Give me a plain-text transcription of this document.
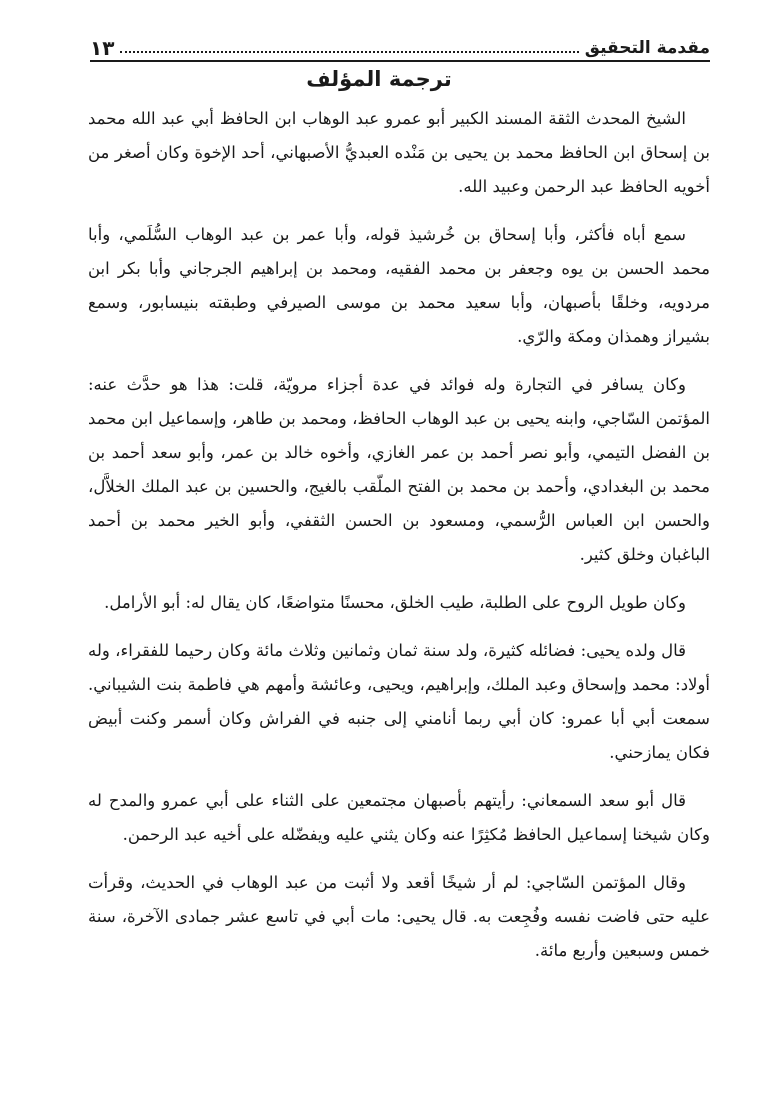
مقدمة التحقيق
١٣
ترجمة المؤلف

الشيخ المحدث الثقة المسند الكبير أبو عمرو عبد الوهاب ابن الحافظ أبي عبد الله محمد بن إسحاق ابن الحافظ محمد بن يحيى بن مَنْده العبديُّ الأصبهاني، أحد الإخوة وكان أصغر من أخويه الحافظ عبد الرحمن وعبيد الله.

سمع أباه فأكثر، وأبا إسحاق بن خُرشيذ قوله، وأبا عمر بن عبد الوهاب السُّلَمي، وأبا محمد الحسن بن يوه وجعفر بن محمد الفقيه، ومحمد بن إبراهيم الجرجاني وأبا بكر ابن مردويه، وخلقًا بأصبهان، وأبا سعيد محمد بن موسى الصيرفي وطبقته بنيسابور، وسمع بشيراز وهمذان ومكة والرّي.

وكان يسافر في التجارة وله فوائد في عدة أجزاء مرويّة، قلت: هذا هو حدَّث عنه: المؤتمن السّاجي، وابنه يحيى بن عبد الوهاب الحافظ، ومحمد بن طاهر، وإسماعيل ابن محمد بن الفضل التيمي، وأبو نصر أحمد بن عمر الغازي، وأخوه خالد بن عمر، وأبو سعد أحمد بن محمد بن البغدادي، وأحمد بن محمد بن الفتح الملّقب بالغيج، والحسين بن عبد الملك الخلاَّل، والحسن ابن العباس الرُّسمي، ومسعود بن الحسن الثقفي، وأبو الخير محمد بن أحمد الباغبان وخلق كثير.

وكان طويل الروح على الطلبة، طيب الخلق، محسنًا متواضعًا، كان يقال له: أبو الأرامل.

قال ولده يحيى: فضائله كثيرة، ولد سنة ثمان وثمانين وثلاث مائة وكان رحيما للفقراء، وله أولاد: محمد وإسحاق وعبد الملك، وإبراهيم، ويحيى، وعائشة وأمهم هي فاطمة بنت الشيباني. سمعت أبي أبا عمرو: كان أبي ربما أنامني إلى جنبه في الفراش وكان أسمر وكنت أبيض فكان يمازحني.

قال أبو سعد السمعاني: رأيتهم بأصبهان مجتمعين على الثناء على أبي عمرو والمدح له وكان شيخنا إسماعيل الحافظ مُكثِرًا عنه وكان يثني عليه ويفضّله على أخيه عبد الرحمن.

وقال المؤتمن السّاجي: لم أر شيخًا أقعد ولا أثبت من عبد الوهاب في الحديث، وقرأت عليه حتى فاضت نفسه وفُجِعت به. قال يحيى: مات أبي في تاسع عشر جمادى الآخرة، سنة خمس وسبعين وأربع مائة.
